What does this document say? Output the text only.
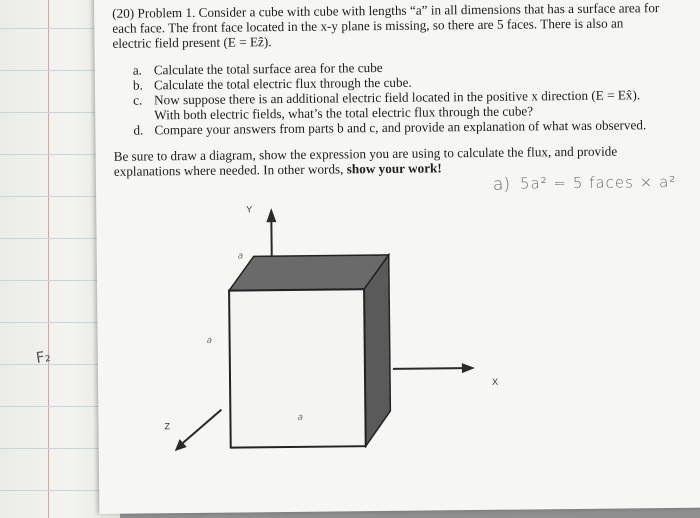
F₂

(20) Problem 1. Consider a cube with cube with lengths “a” in all dimensions that has a surface area for

each face. The front face located in the x-y plane is missing, so there are 5 faces. There is also an

electric field present (E = Eẑ).

a. Calculate the total surface area for the cube
b. Calculate the total electric flux through the cube.
c. Now suppose there is an additional electric field located in the positive x direction (E = Ex̂).
With both electric fields, what’s the total electric flux through the cube?
d. Compare your answers from parts b and c, and provide an explanation of what was observed.

Be sure to draw a diagram, show the expression you are using to calculate the flux, and provide

explanations where needed. In other words, show your work!

a) 5a² = 5 faces × a²
Y
X
Z
a
a
a
